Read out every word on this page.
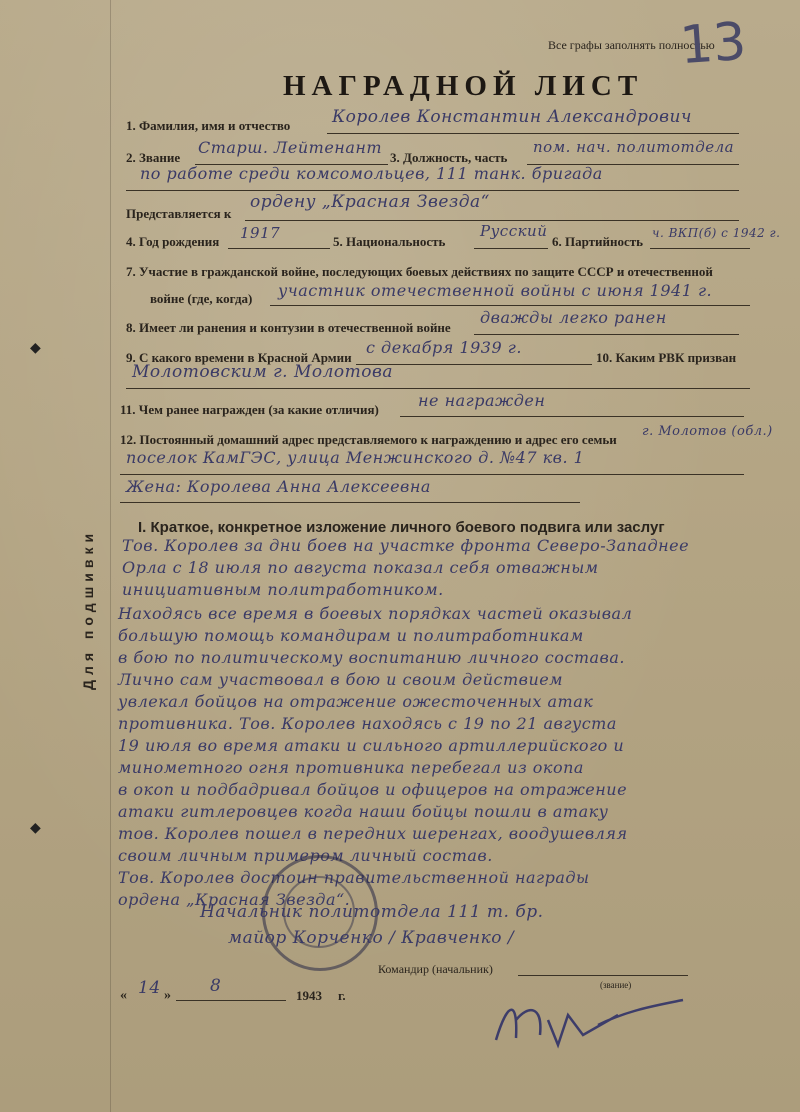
Все графы заполнять полностью
13
НАГРАДНОЙ ЛИСТ
1. Фамилия, имя и отчество Королев Константин Александрович
2. Звание
Старш. Лейтенант
3. Должность, часть
пом. нач. политотдела
по работе среди комсомольцев, 111 танк. бригада
Представляется к
ордену „Красная Звезда“
4. Год рождения 1917	5. Национальность
Русский
6. Партийность
ч. ВКП(б) с 1942 г.
7. Участие в гражданской войне, последующих боевых действиях по защите СССР и отечественной
войне (где, когда) участник отечественной войны с июня 1941 г.
8. Имеет ли ранения и контузии в отечественной войне
дважды легко ранен
9. С какого времени в Красной Армии
с декабря 1939 г.
10. Каким РВК призван
Молотовским г. Молотова
11. Чем ранее награжден (за какие отличия) не награжден
12. Постоянный домашний адрес представляемого к награждению и адрес его семьи
г. Молотов (обл.)
поселок КамГЭС, улица Менжинского д. №47 кв. 1
Жена: Королева Анна Алексеевна
I. Краткое, конкретное изложение личного боевого подвига или заслуг
Тов. Королев за дни боев на участке фронта Северо-Западнее
Орла с 18 июля по августа показал себя отважным
инициативным политработником.
Находясь все время в боевых порядках частей оказывал
большую помощь командирам и политработникам
в бою по политическому воспитанию личного состава.
Лично сам участвовал в бою и своим действием
увлекал бойцов на отражение ожесточенных атак
противника. Тов. Королев находясь с 19 по 21 августа
19 июля во время атаки и сильного артиллерийского и
минометного огня противника перебегал из окопа
в окоп и подбадривал бойцов и офицеров на отражение
атаки гитлеровцев когда наши бойцы пошли в атаку
тов. Королев пошел в передних шеренгах, воодушевляя
своим личным примером личный состав.
Тов. Королев достоин правительственной награды
ордена „Красная Звезда“.
Начальник политотдела 111 т. бр.
майор Корченко / Кравченко /
Командир (начальник)
(звание)
« 14 » 8	1943 г.
Для подшивки
◆
◆
